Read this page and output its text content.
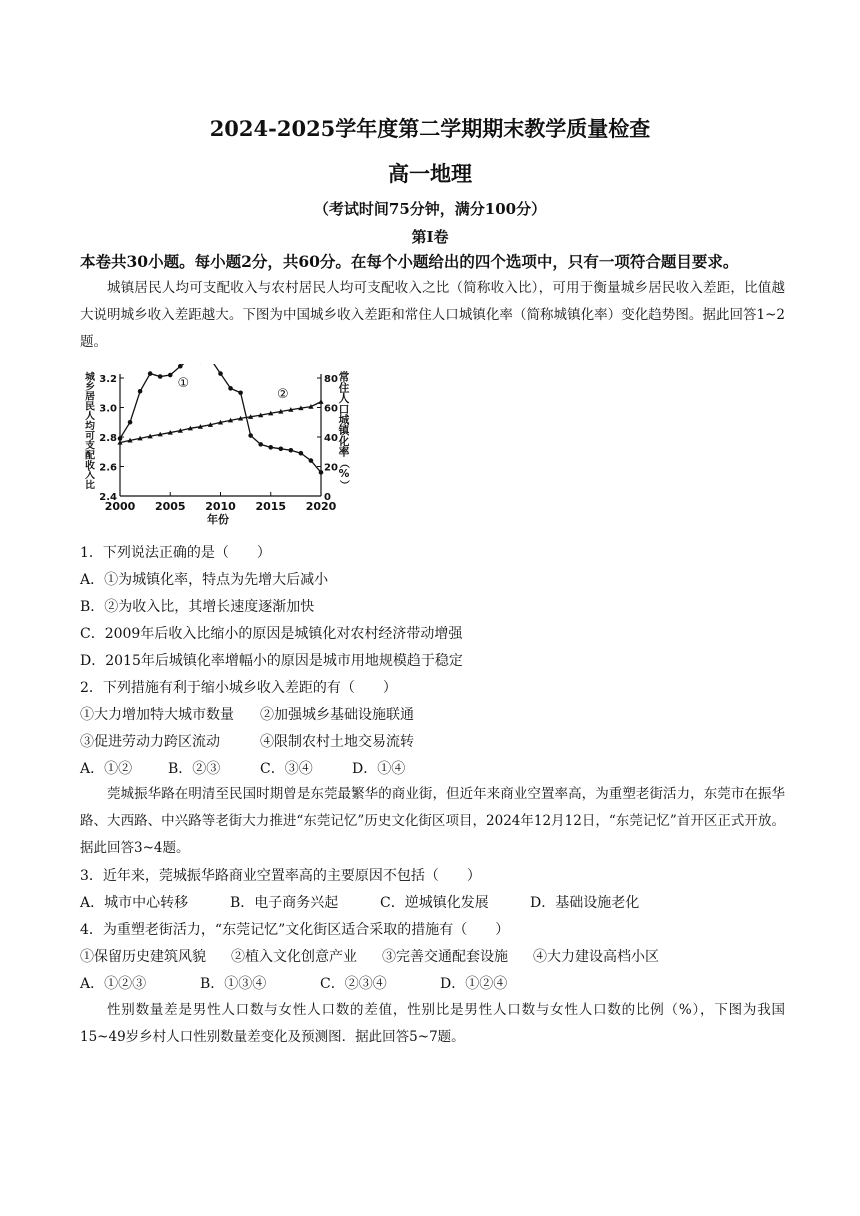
2024-2025学年度第二学期期末教学质量检查
高一地理
（考试时间75分钟，满分100分）
第Ⅰ卷
本卷共30小题。每小题2分，共60分。在每个小题给出的四个选项中，只有一项符合题目要求。
城镇居民人均可支配收入与农村居民人均可支配收入之比（简称收入比），可用于衡量城乡居民收入差距，比值越大说明城乡收入差距越大。下图为中国城乡收入差距和常住人口城镇化率（简称城镇化率）变化趋势图。据此回答1~2题。
2000 2005 2010 2015 2020
2.4
2.6
2.8
3.0
3.2
0
20
40
60
80
年份
城
乡
居
民
人
均
可
支
配
收
入
比
常
住
人
口
城
镇
化
率
（
%
）
①
②
1．下列说法正确的是（　　）
A．①为城镇化率，特点为先增大后减小
B．②为收入比，其增长速度逐渐加快
C．2009年后收入比缩小的原因是城镇化对农村经济带动增强
D．2015年后城镇化率增幅小的原因是城市用地规模趋于稳定
2．下列措施有利于缩小城乡收入差距的有（　　）
①大力增加特大城市数量 ②加强城乡基础设施联通
③促进劳动力跨区流动	④限制农村土地交易流转
A．①②	B．②③	C．③④	D．①④
莞城振华路在明清至民国时期曾是东莞最繁华的商业街，但近年来商业空置率高，为重塑老街活力，东莞市在振华路、大西路、中兴路等老街大力推进“东莞记忆”历史文化街区项目，2024年12月12日，“东莞记忆”首开区正式开放。据此回答3~4题。
3．近年来，莞城振华路商业空置率高的主要原因不包括（　　）
A．城市中心转移	B．电子商务兴起	C．逆城镇化发展	D．基础设施老化
4．为重塑老街活力，“东莞记忆”文化街区适合采取的措施有（　　）
①保留历史建筑风貌 ②植入文化创意产业 ③完善交通配套设施 ④大力建设高档小区
A．①②③	B．①③④	C．②③④	D．①②④
性别数量差是男性人口数与女性人口数的差值，性别比是男性人口数与女性人口数的比例（%），下图为我国15~49岁乡村人口性别数量差变化及预测图．据此回答5~7题。
